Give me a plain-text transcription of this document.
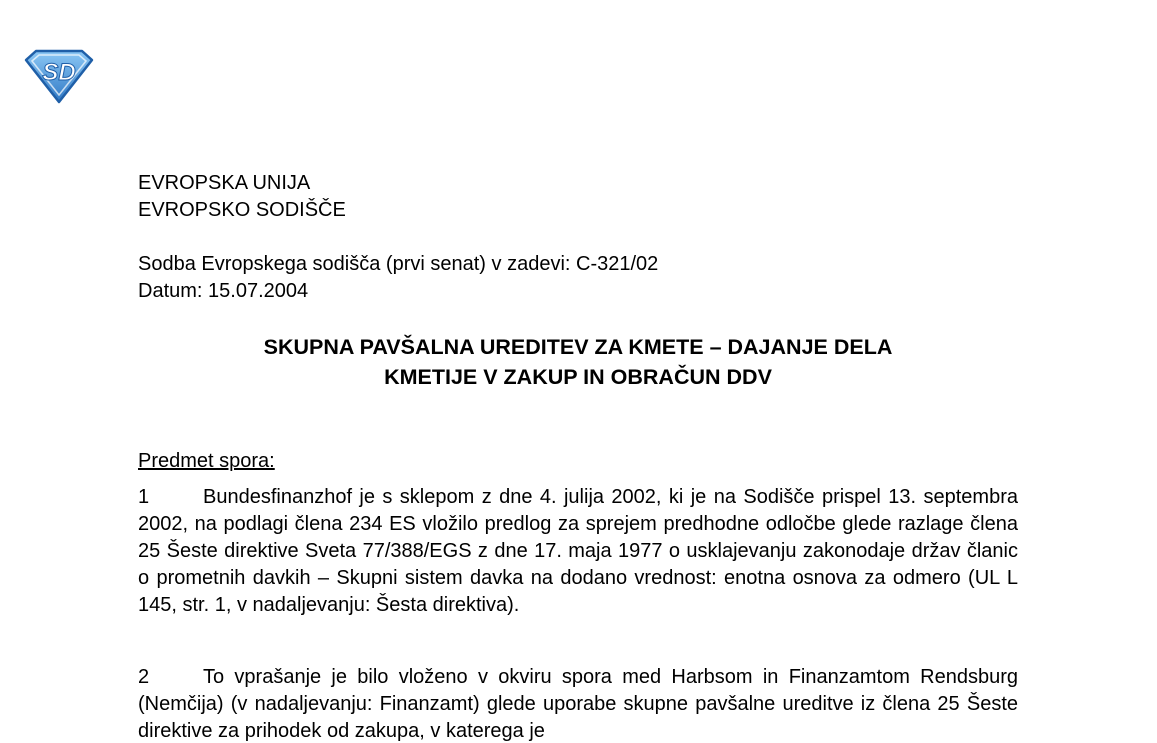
SD
EVROPSKA UNIJA
EVROPSKO SODIŠČE
Sodba Evropskega sodišča (prvi senat) v zadevi: C-321/02
Datum: 15.07.2004
SKUPNA PAVŠALNA UREDITEV ZA KMETE – DAJANJE DELA
KMETIJE V ZAKUP IN OBRAČUN DDV
Predmet spora:
1	Bundesfinanzhof je s sklepom z dne 4. julija 2002, ki je na Sodišče prispel 13. septembra 2002, na podlagi člena 234 ES vložilo predlog za sprejem predhodne odločbe glede razlage člena 25 Šeste direktive Sveta 77/388/EGS z dne 17. maja 1977 o usklajevanju zakonodaje držav članic o prometnih davkih – Skupni sistem davka na dodano vrednost: enotna osnova za odmero (UL L 145, str. 1, v nadaljevanju: Šesta direktiva).
2	To vprašanje je bilo vloženo v okviru spora med Harbsom in Finanzamtom Rendsburg (Nemčija) (v nadaljevanju: Finanzamt) glede uporabe skupne pavšalne ureditve iz člena 25 Šeste direktive za prihodek od zakupa, v katerega je
